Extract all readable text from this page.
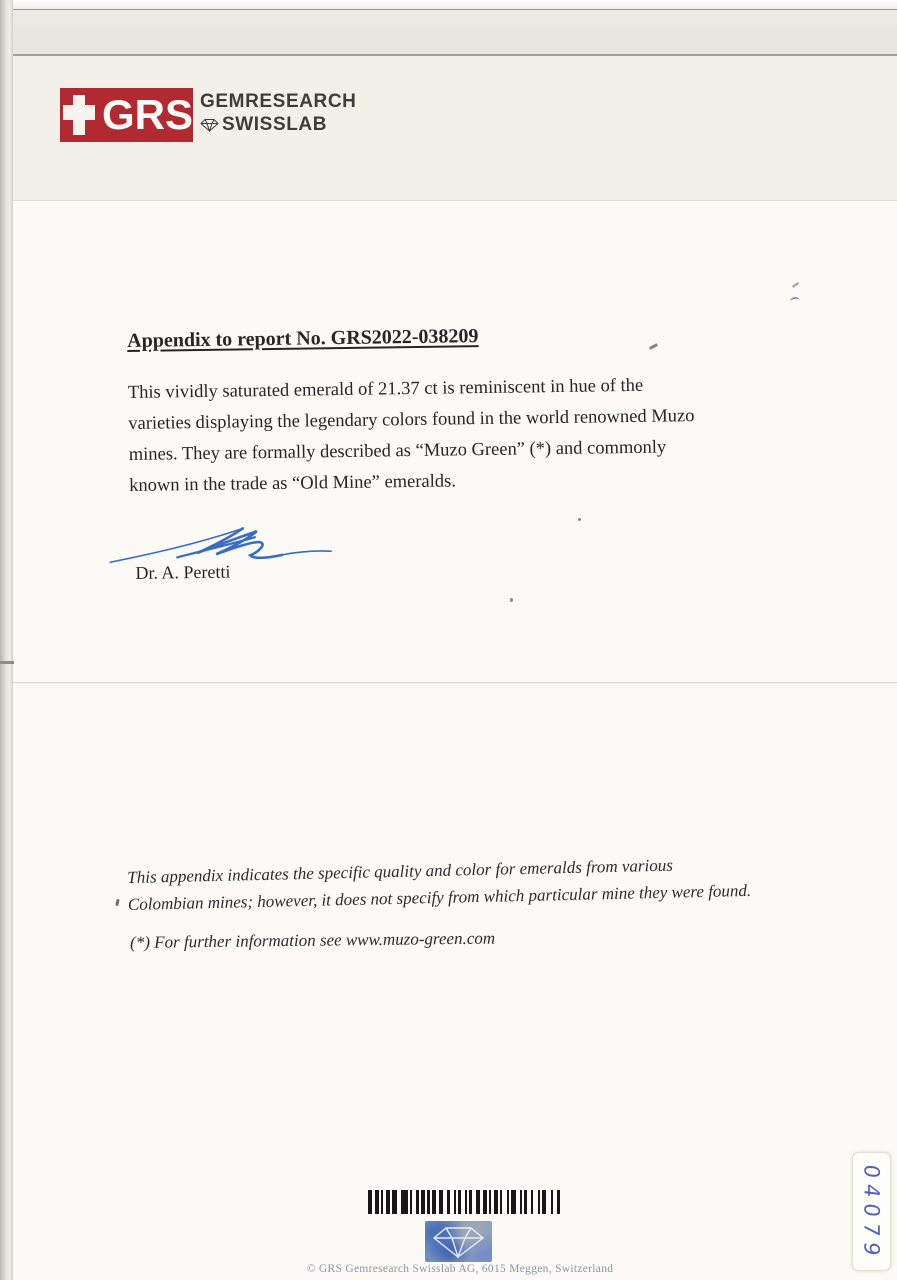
GRS GEMRESEARCH
SWISSLAB
Appendix to report No. GRS2022-038209
This vividly saturated emerald of 21.37 ct is reminiscent in hue of the
varieties displaying the legendary colors found in the world renowned Muzo
mines. They are formally described as “Muzo Green” (*) and commonly
known in the trade as “Old Mine” emeralds.
Dr. A. Peretti
This appendix indicates the specific quality and color for emeralds from various
Colombian mines; however, it does not specify from which particular mine they were found.
(*) For further information see www.muzo-green.com
© GRS Gemresearch Swisslab AG, 6015 Meggen, Switzerland
04079
